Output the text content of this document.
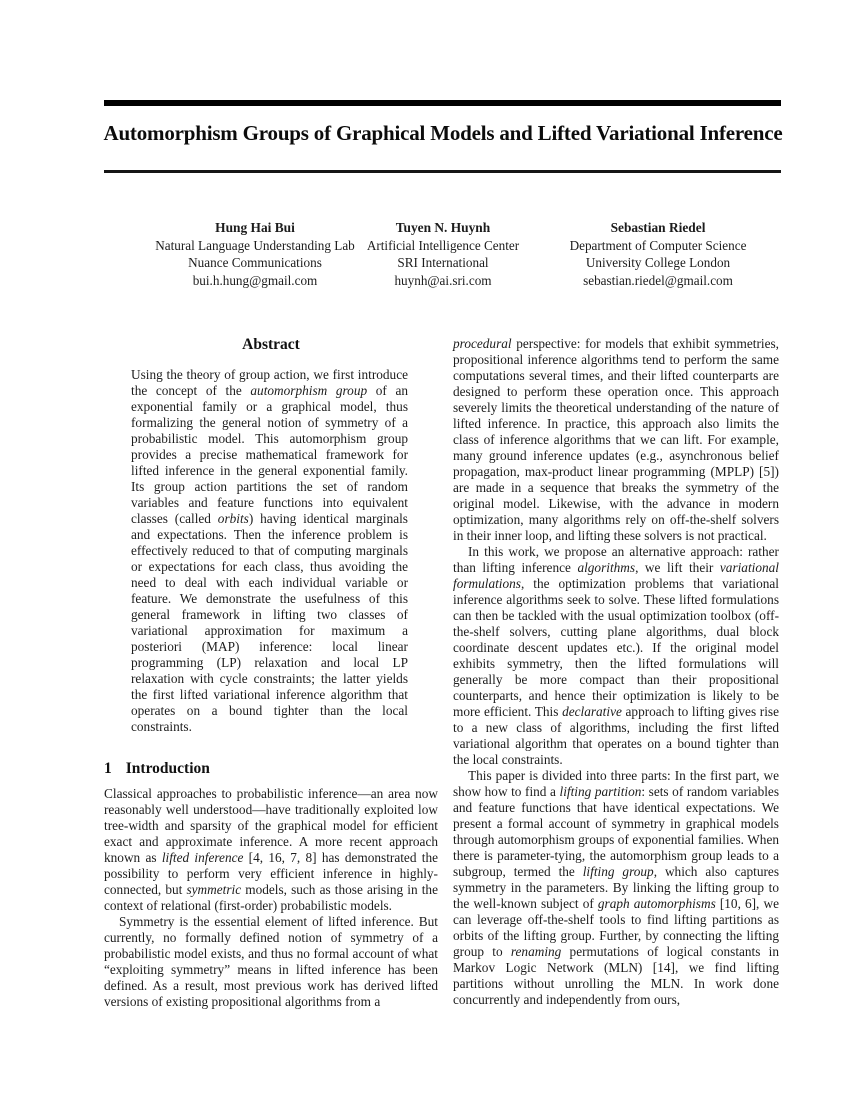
Automorphism Groups of Graphical Models and Lifted Variational Inference
Hung Hai Bui
Natural Language Understanding Lab
Nuance Communications
bui.h.hung@gmail.com
Tuyen N. Huynh
Artificial Intelligence Center
SRI International
huynh@ai.sri.com
Sebastian Riedel
Department of Computer Science
University College London
sebastian.riedel@gmail.com
Abstract

Using the theory of group action, we first introduce the concept of the automorphism group of an exponential family or a graphical model, thus formalizing the general notion of symmetry of a probabilistic model. This automorphism group provides a precise mathematical framework for lifted inference in the general exponential family. Its group action partitions the set of random variables and feature functions into equivalent classes (called orbits) having identical marginals and expectations. Then the inference problem is effectively reduced to that of computing marginals or expectations for each class, thus avoiding the need to deal with each individual variable or feature. We demonstrate the usefulness of this general framework in lifting two classes of variational approximation for maximum a posteriori (MAP) inference: local linear programming (LP) relaxation and local LP relaxation with cycle constraints; the latter yields the first lifted variational inference algorithm that operates on a bound tighter than the local constraints.

1 Introduction

Classical approaches to probabilistic inference—an area now reasonably well understood—have traditionally exploited low tree-width and sparsity of the graphical model for efficient exact and approximate inference. A more recent approach known as lifted inference [4, 16, 7, 8] has demonstrated the possibility to perform very efficient inference in highly-connected, but symmetric models, such as those arising in the context of relational (first-order) probabilistic models.

Symmetry is the essential element of lifted inference. But currently, no formally defined notion of symmetry of a probabilistic model exists, and thus no formal account of what “exploiting symmetry” means in lifted inference has been defined. As a result, most previous work has derived lifted versions of existing propositional algorithms from a

procedural perspective: for models that exhibit symmetries, propositional inference algorithms tend to perform the same computations several times, and their lifted counterparts are designed to perform these operation once. This approach severely limits the theoretical understanding of the nature of lifted inference. In practice, this approach also limits the class of inference algorithms that we can lift. For example, many ground inference updates (e.g., asynchronous belief propagation, max-product linear programming (MPLP) [5]) are made in a sequence that breaks the symmetry of the original model. Likewise, with the advance in modern optimization, many algorithms rely on off-the-shelf solvers in their inner loop, and lifting these solvers is not practical.

In this work, we propose an alternative approach: rather than lifting inference algorithms, we lift their variational formulations, the optimization problems that variational inference algorithms seek to solve. These lifted formulations can then be tackled with the usual optimization toolbox (off-the-shelf solvers, cutting plane algorithms, dual block coordinate descent updates etc.). If the original model exhibits symmetry, then the lifted formulations will generally be more compact than their propositional counterparts, and hence their optimization is likely to be more efficient. This declarative approach to lifting gives rise to a new class of algorithms, including the first lifted variational algorithm that operates on a bound tighter than the local constraints.

This paper is divided into three parts: In the first part, we show how to find a lifting partition: sets of random variables and feature functions that have identical expectations. We present a formal account of symmetry in graphical models through automorphism groups of exponential families. When there is parameter-tying, the automorphism group leads to a subgroup, termed the lifting group, which also captures symmetry in the parameters. By linking the lifting group to the well-known subject of graph automorphisms [10, 6], we can leverage off-the-shelf tools to find lifting partitions as orbits of the lifting group. Further, by connecting the lifting group to renaming permutations of logical constants in Markov Logic Network (MLN) [14], we find lifting partitions without unrolling the MLN. In work done concurrently and independently from ours,
